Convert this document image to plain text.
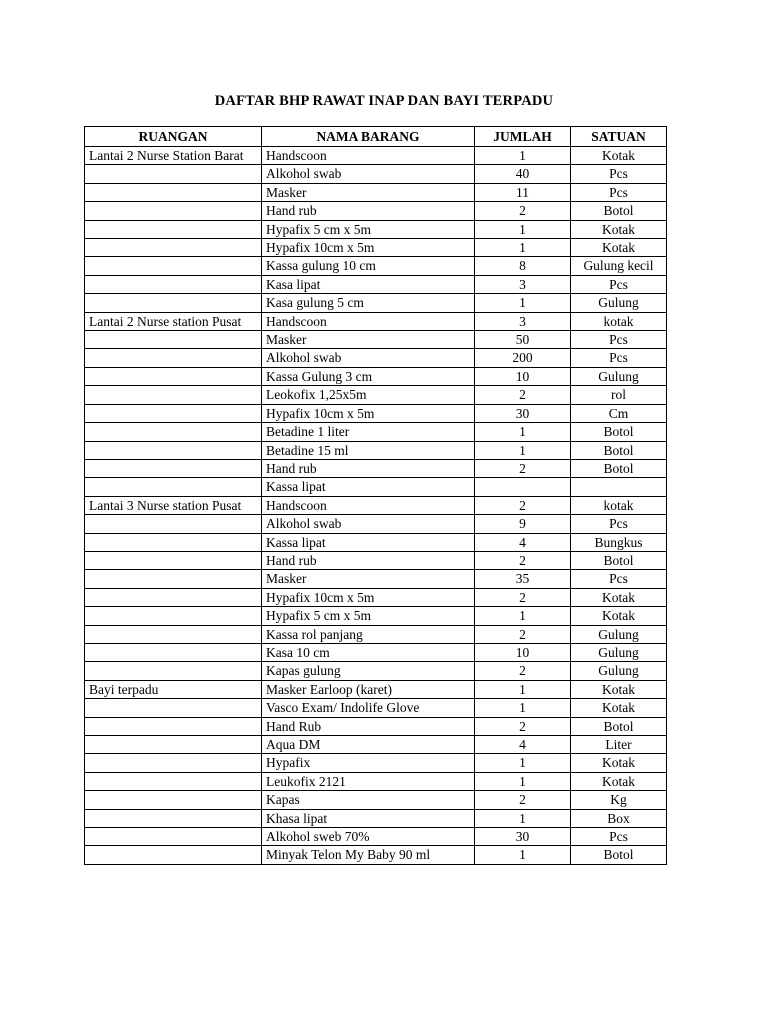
DAFTAR BHP RAWAT INAP DAN BAYI TERPADU
RUANGAN	NAMA BARANG	JUMLAH	SATUAN
Lantai 2 Nurse Station Barat	Handscoon	1	Kotak
	Alkohol swab	40	Pcs
	Masker	11	Pcs
	Hand rub	2	Botol
	Hypafix 5 cm x 5m	1	Kotak
	Hypafix 10cm x 5m	1	Kotak
	Kassa gulung 10 cm	8	Gulung kecil
	Kasa lipat	3	Pcs
	Kasa gulung 5 cm	1	Gulung
Lantai 2 Nurse station Pusat	Handscoon	3	kotak
	Masker	50	Pcs
	Alkohol swab	200	Pcs
	Kassa Gulung 3 cm	10	Gulung
	Leokofix 1,25x5m	2	rol
	Hypafix 10cm x 5m	30	Cm
	Betadine 1 liter	1	Botol
	Betadine 15 ml	1	Botol
	Hand rub	2	Botol
	Kassa lipat		
Lantai 3 Nurse station Pusat	Handscoon	2	kotak
	Alkohol swab	9	Pcs
	Kassa lipat	4	Bungkus
	Hand rub	2	Botol
	Masker	35	Pcs
	Hypafix 10cm x 5m	2	Kotak
	Hypafix 5 cm x 5m	1	Kotak
	Kassa rol panjang	2	Gulung
	Kasa 10 cm	10	Gulung
	Kapas gulung	2	Gulung
Bayi terpadu	Masker Earloop (karet)	1	Kotak
	Vasco Exam/ Indolife Glove	1	Kotak
	Hand Rub	2	Botol
	Aqua DM	4	Liter
	Hypafix	1	Kotak
	Leukofix 2121	1	Kotak
	Kapas	2	Kg
	Khasa lipat	1	Box
	Alkohol sweb 70%	30	Pcs
	Minyak Telon My Baby 90 ml	1	Botol
